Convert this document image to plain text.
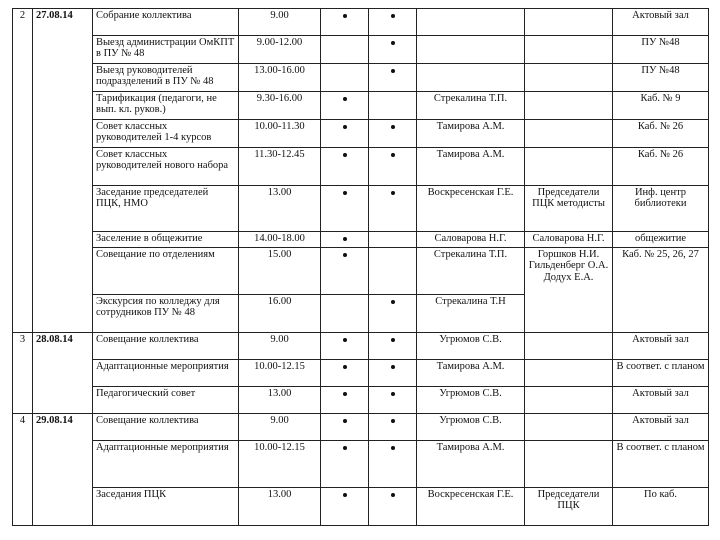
2	27.08.14	Собрание коллектива	9.00					Актовый зал
		Выезд администрации ОмКПТ в ПУ № 48	9.00-12.00					ПУ №48
		Выезд руководителей подразделений в ПУ № 48	13.00-16.00					ПУ №48
		Тарификация (педагоги, не вып. кл. руков.)	9.30-16.00			Стрекалина Т.П.		Каб. № 9
		Совет классных руководителей 1-4 курсов	10.00-11.30			Тамирова А.М.		Каб. № 26
		Совет классных руководителей нового набора	11.30-12.45			Тамирова А.М.		Каб. № 26
		Заседание председателей ПЦК, НМО	13.00			Воскресенская Г.Е.	Председатели ПЦК методисты	Инф. центр библиотеки
		Заселение в общежитие	14.00-18.00			Саловарова Н.Г.	Саловарова Н.Г.	общежитие
		Совещание по отделениям	15.00			Стрекалина Т.П.	Горшков Н.И. Гильденберг О.А. Додух Е.А.	Каб. № 25, 26, 27
		Экскурсия по колледжу для сотрудников ПУ № 48	16.00			Стрекалина Т.Н		
3	28.08.14	Совещание коллектива	9.00			Угрюмов С.В.		Актовый зал
		Адаптационные мероприятия	10.00-12.15			Тамирова А.М.		В соответ. с планом
		Педагогический совет	13.00			Угрюмов С.В.		Актовый зал
4	29.08.14	Совещание коллектива	9.00			Угрюмов С.В.		Актовый зал
		Адаптационные мероприятия	10.00-12.15			Тамирова А.М.		В соответ. с планом
		Заседания ПЦК	13.00			Воскресенская Г.Е.	Председатели ПЦК	По каб.
